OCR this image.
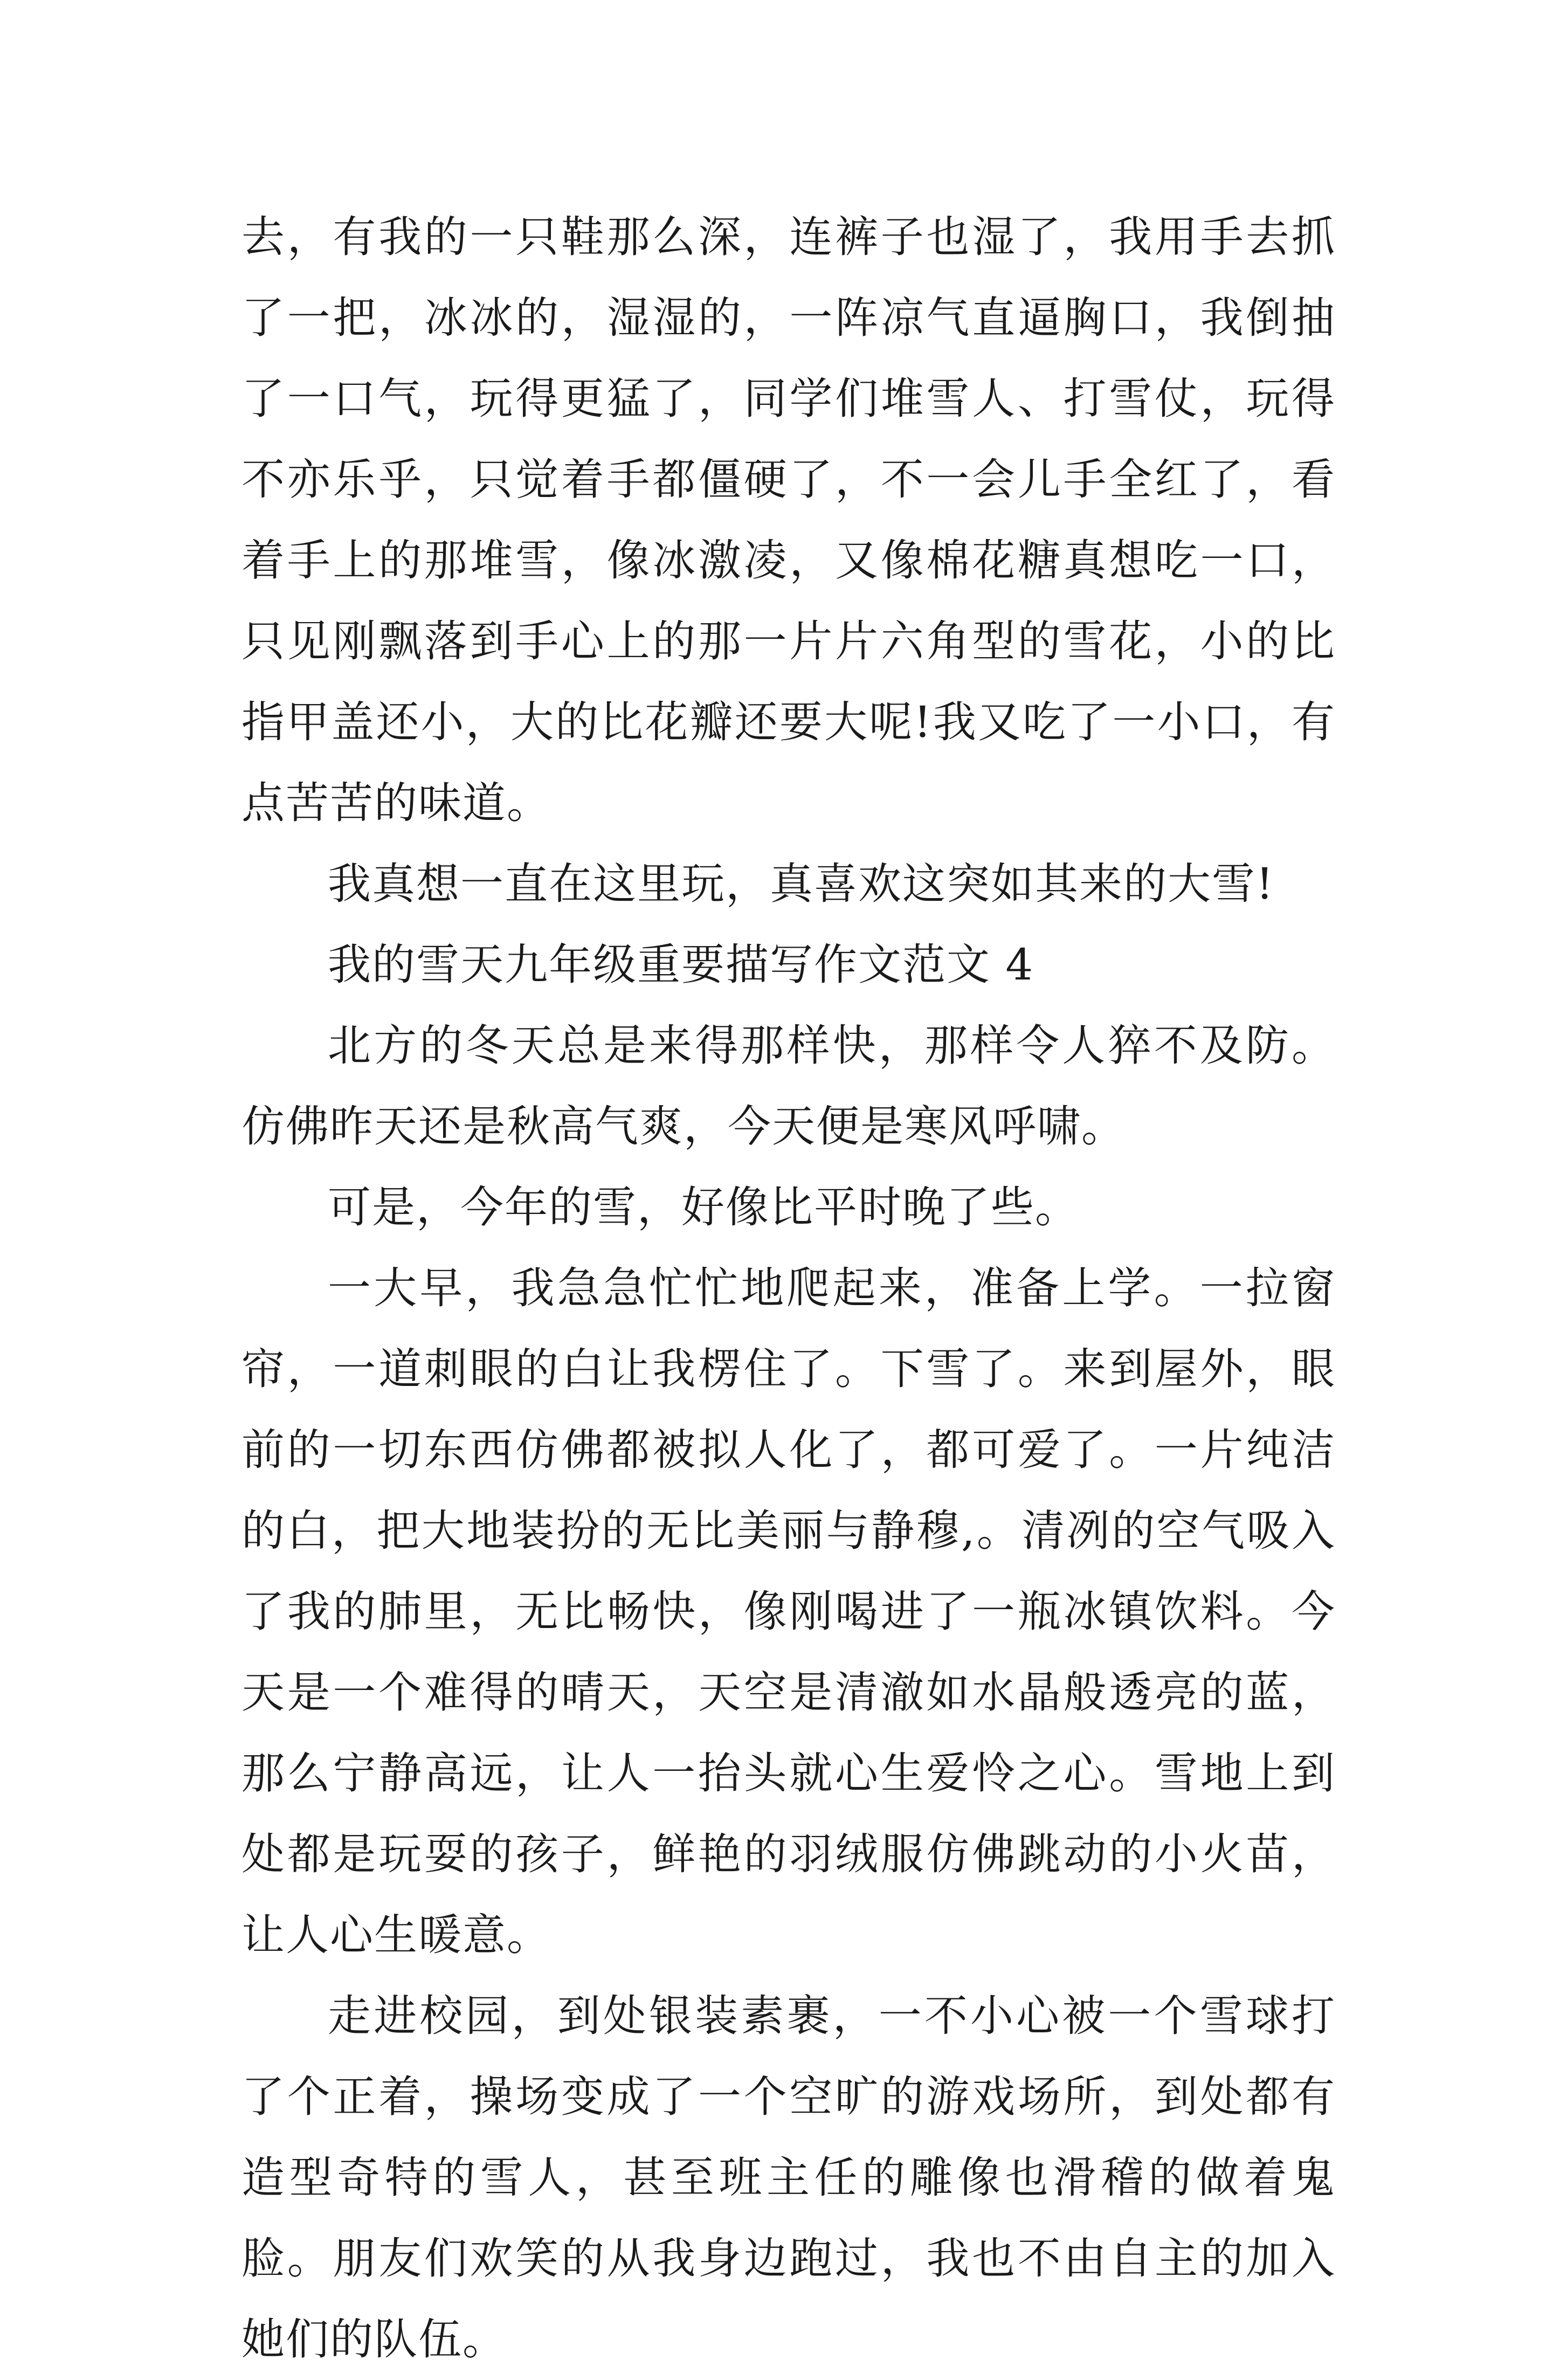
去，有我的一只鞋那么深，连裤子也湿了，我用手去抓了一把，冰冰的，湿湿的，一阵凉气直逼胸口，我倒抽了一口气，玩得更猛了，同学们堆雪人、打雪仗，玩得不亦乐乎，只觉着手都僵硬了，不一会儿手全红了，看着手上的那堆雪，像冰激凌，又像棉花糖真想吃一口，只见刚飘落到手心上的那一片片六角型的雪花，小的比指甲盖还小，大的比花瓣还要大呢!我又吃了一小口，有点苦苦的味道。

我真想一直在这里玩，真喜欢这突如其来的大雪!

我的雪天九年级重要描写作文范文 4

北方的冬天总是来得那样快，那样令人猝不及防。仿佛昨天还是秋高气爽，今天便是寒风呼啸。

可是，今年的雪，好像比平时晚了些。

一大早，我急急忙忙地爬起来，准备上学。一拉窗帘，一道刺眼的白让我楞住了。下雪了。来到屋外，眼前的一切东西仿佛都被拟人化了，都可爱了。一片纯洁的白，把大地装扮的无比美丽与静穆,。清冽的空气吸入了我的肺里，无比畅快，像刚喝进了一瓶冰镇饮料。今天是一个难得的晴天，天空是清澈如水晶般透亮的蓝，那么宁静高远，让人一抬头就心生爱怜之心。雪地上到处都是玩耍的孩子，鲜艳的羽绒服仿佛跳动的小火苗，让人心生暖意。

走进校园，到处银装素裹，一不小心被一个雪球打了个正着，操场变成了一个空旷的游戏场所，到处都有造型奇特的雪人，甚至班主任的雕像也滑稽的做着鬼脸。朋友们欢笑的从我身边跑过，我也不由自主的加入她们的队伍。
